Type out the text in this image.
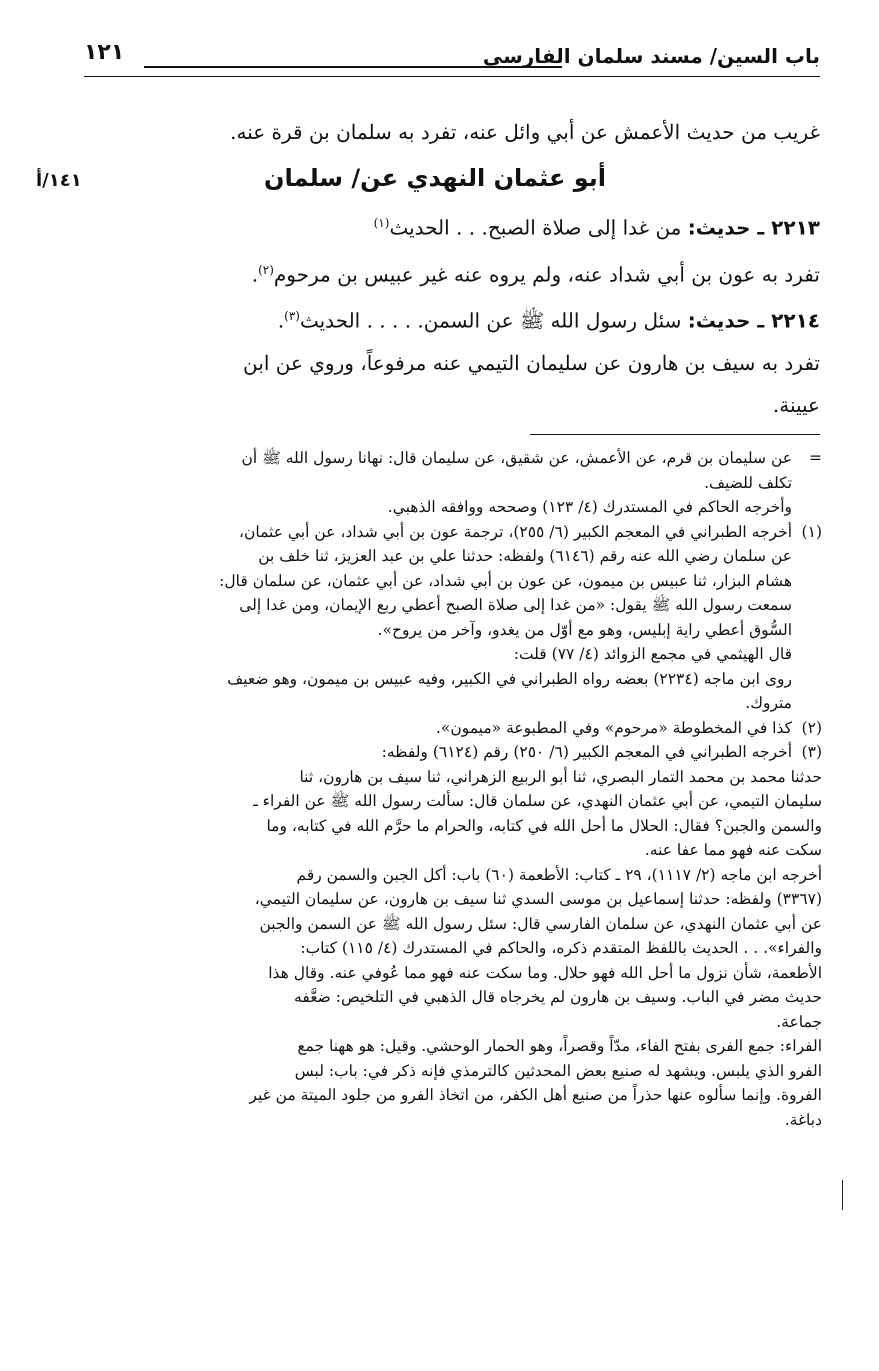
باب السين/ مسند سلمان الفارسي
١٢١
١٤١/أ
غريب من حديث الأعمش عن أبي وائل عنه، تفرد به سلمان بن قرة عنه.
أبو عثمان النهدي عن/ سلمان
٢٢١٣ ـ حديث: من غدا إلى صلاة الصبح. . . الحديث$^{(١)}$
تفرد به عون بن أبي شداد عنه، ولم يروه عنه غير عبيس بن مرحوم$^{(٢)}$.
٢٢١٤ ـ حديث: سئل رسول الله ﷺ عن السمن. . . . . الحديث$^{(٣)}$.
تفرد به سيف بن هارون عن سليمان التيمي عنه مرفوعاً، وروي عن ابن
عيينة.
=
عن سليمان بن قرم، عن الأعمش، عن شقيق، عن سليمان قال: نهانا رسول الله ﷺ أن
تكلف للضيف.
وأخرجه الحاكم في المستدرك (٤/ ١٢٣) وصححه ووافقه الذهبي.
(١)
أخرجه الطبراني في المعجم الكبير (٦/ ٢٥٥)، ترجمة عون بن أبي شداد، عن أبي عثمان،
عن سلمان رضي الله عنه رقم (٦١٤٦) ولفظه: حدثنا علي بن عبد العزيز، ثنا خلف بن
هشام البزار، ثنا عبيس بن ميمون، عن عون بن أبي شداد، عن أبي عثمان، عن سلمان قال:
سمعت رسول الله ﷺ يقول: «من غدا إلى صلاة الصبح أعطي ربع الإيمان، ومن غدا إلى
السُّوق أعطي راية إبليس، وهو مع أوّل من يغدو، وآخر من يروح».
قال الهيثمي في مجمع الزوائد (٤/ ٧٧) قلت:
روى ابن ماجه (٢٢٣٤) بعضه رواه الطبراني في الكبير، وفيه عبيس بن ميمون، وهو ضعيف
متروك.
(٢)
كذا في المخطوطة «مرحوم» وفي المطبوعة «ميمون».
(٣)
أخرجه الطبراني في المعجم الكبير (٦/ ٢٥٠) رقم (٦١٢٤) ولفظه:
حدثنا محمد بن محمد التمار البصري، ثنا أبو الربيع الزهراني، ثنا سيف بن هارون، ثنا
سليمان التيمي، عن أبي عثمان النهدي، عن سلمان قال: سألت رسول الله ﷺ عن الفراء ـ
والسمن والجبن؟ فقال: الحلال ما أحل الله في كتابه، والحرام ما حرَّم الله في كتابه، وما
سكت عنه فهو مما عفا عنه.
أخرجه ابن ماجه (٢/ ١١١٧)، ٢٩ ـ كتاب: الأطعمة (٦٠) باب: أكل الجبن والسمن رقم
(٣٣٦٧) ولفظه: حدثنا إسماعيل بن موسى السدي ثنا سيف بن هارون، عن سليمان التيمي،
عن أبي عثمان النهدي، عن سلمان الفارسي قال: سئل رسول الله ﷺ عن السمن والجبن
والفراء». . . الحديث باللفظ المتقدم ذكره، والحاكم في المستدرك (٤/ ١١٥) كتاب:
الأطعمة، شأن نزول ما أحل الله فهو حلال. وما سكت عنه فهو مما عُوفي عنه. وقال هذا
حديث مضر في الباب. وسيف بن هارون لم يخرجاه قال الذهبي في التلخيص: ضعَّفه
جماعة.
الفراء: جمع الفرى بفتح الفاء، مدّاً وقصراً، وهو الحمار الوحشي. وقيل: هو ههنا جمع
الفرو الذي يلبس. ويشهد له صنيع بعض المحدثين كالترمذي فإنه ذكر في: باب: لبس
الفروة. وإنما سألوه عنها حذراً من صنيع أهل الكفر، من اتخاذ الفرو من جلود الميتة من غير
دباغة.
